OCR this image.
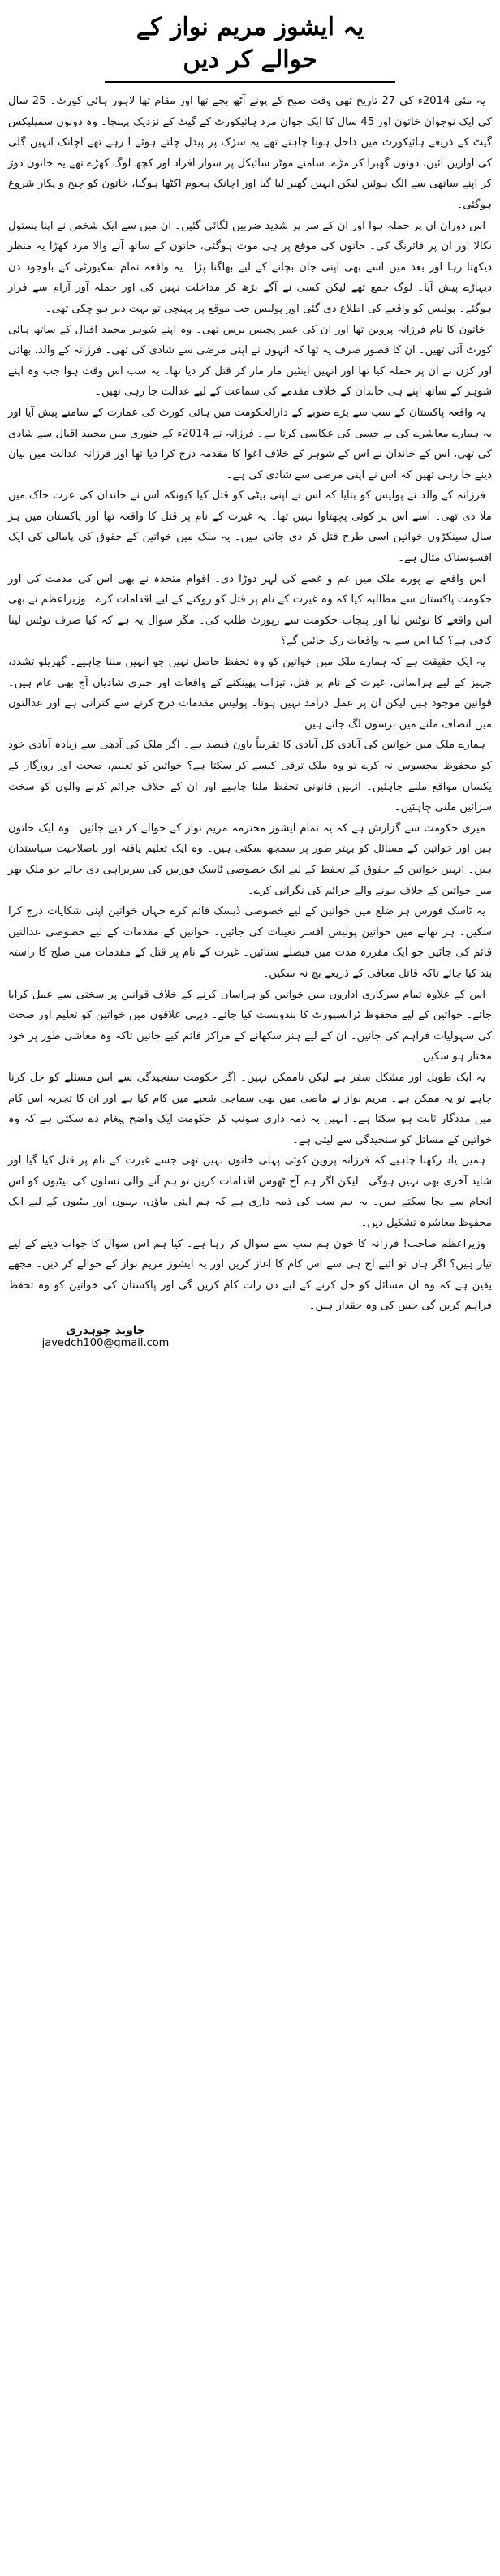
یہ ایشوز مریم نواز کے حوالے کر دیں

یہ مئی 2014ء کی 27 تاریخ تھی وقت صبح کے پونے آٹھ بجے تھا اور مقام تھا لاہور ہائی کورٹ۔ 25 سال کی ایک نوجوان خاتون اور 45 سال کا ایک جوان مرد ہائیکورٹ کے گیٹ کے نزدیک پہنچا۔ وہ دونوں سمپلیکس گیٹ کے ذریعے ہائیکورٹ میں داخل ہونا چاہتے تھے یہ سڑک پر پیدل چلتے ہوئے آ رہے تھے اچانک انہیں گلی کی آوازیں آئیں، دونوں گھبرا کر مڑے، سامنے موٹر سائیکل پر سوار افراد اور کچھ لوگ کھڑے تھے یہ خاتون دوڑ کر اپنے ساتھی سے الگ ہوئیں لیکن انہیں گھیر لیا گیا اور اچانک ہجوم اکٹھا ہوگیا، خاتون کو چیخ و پکار شروع ہوگئی۔

اس دوران ان پر حملہ ہوا اور ان کے سر پر شدید ضربیں لگائی گئیں۔ ان میں سے ایک شخص نے اپنا پستول نکالا اور ان پر فائرنگ کی۔ خاتون کی موقع پر ہی موت ہوگئی، خاتون کے ساتھ آنے والا مرد کھڑا یہ منظر دیکھتا رہا اور بعد میں اسے بھی اپنی جان بچانے کے لیے بھاگنا پڑا۔ یہ واقعہ تمام سکیورٹی کے باوجود دن دیہاڑے پیش آیا۔ لوگ جمع تھے لیکن کسی نے آگے بڑھ کر مداخلت نہیں کی اور حملہ آور آرام سے فرار ہوگئے۔ پولیس کو واقعے کی اطلاع دی گئی اور پولیس جب موقع پر پہنچی تو بہت دیر ہو چکی تھی۔

خاتون کا نام فرزانہ پروین تھا اور ان کی عمر پچیس برس تھی۔ وہ اپنے شوہر محمد اقبال کے ساتھ ہائی کورٹ آئی تھیں۔ ان کا قصور صرف یہ تھا کہ انہوں نے اپنی مرضی سے شادی کی تھی۔ فرزانہ کے والد، بھائی اور کزن نے ان پر حملہ کیا تھا اور انہیں اینٹیں مار مار کر قتل کر دیا تھا۔ یہ سب اس وقت ہوا جب وہ اپنے شوہر کے ساتھ اپنے ہی خاندان کے خلاف مقدمے کی سماعت کے لیے عدالت جا رہی تھیں۔

یہ واقعہ پاکستان کے سب سے بڑے صوبے کے دارالحکومت میں ہائی کورٹ کی عمارت کے سامنے پیش آیا اور یہ ہمارے معاشرے کی بے حسی کی عکاسی کرتا ہے۔ فرزانہ نے 2014ء کے جنوری میں محمد اقبال سے شادی کی تھی، اس کے خاندان نے اس کے شوہر کے خلاف اغوا کا مقدمہ درج کرا دیا تھا اور فرزانہ عدالت میں بیان دینے جا رہی تھیں کہ اس نے اپنی مرضی سے شادی کی ہے۔

فرزانہ کے والد نے پولیس کو بتایا کہ اس نے اپنی بیٹی کو قتل کیا کیونکہ اس نے خاندان کی عزت خاک میں ملا دی تھی۔ اسے اس پر کوئی پچھتاوا نہیں تھا۔ یہ غیرت کے نام پر قتل کا واقعہ تھا اور پاکستان میں ہر سال سینکڑوں خواتین اسی طرح قتل کر دی جاتی ہیں۔ یہ ملک میں خواتین کے حقوق کی پامالی کی ایک افسوسناک مثال ہے۔

اس واقعے نے پورے ملک میں غم و غصے کی لہر دوڑا دی۔ اقوام متحدہ نے بھی اس کی مذمت کی اور حکومت پاکستان سے مطالبہ کیا کہ وہ غیرت کے نام پر قتل کو روکنے کے لیے اقدامات کرے۔ وزیراعظم نے بھی اس واقعے کا نوٹس لیا اور پنجاب حکومت سے رپورٹ طلب کی۔ مگر سوال یہ ہے کہ کیا صرف نوٹس لینا کافی ہے؟ کیا اس سے یہ واقعات رک جائیں گے؟

یہ ایک حقیقت ہے کہ ہمارے ملک میں خواتین کو وہ تحفظ حاصل نہیں جو انہیں ملنا چاہیے۔ گھریلو تشدد، جہیز کے لیے ہراسانی، غیرت کے نام پر قتل، تیزاب پھینکنے کے واقعات اور جبری شادیاں آج بھی عام ہیں۔ قوانین موجود ہیں لیکن ان پر عمل درآمد نہیں ہوتا۔ پولیس مقدمات درج کرنے سے کتراتی ہے اور عدالتوں میں انصاف ملنے میں برسوں لگ جاتے ہیں۔

ہمارے ملک میں خواتین کی آبادی کل آبادی کا تقریباً باون فیصد ہے۔ اگر ملک کی آدھی سے زیادہ آبادی خود کو محفوظ محسوس نہ کرے تو وہ ملک ترقی کیسے کر سکتا ہے؟ خواتین کو تعلیم، صحت اور روزگار کے یکساں مواقع ملنے چاہئیں۔ انہیں قانونی تحفظ ملنا چاہیے اور ان کے خلاف جرائم کرنے والوں کو سخت سزائیں ملنی چاہئیں۔

میری حکومت سے گزارش ہے کہ یہ تمام ایشوز محترمہ مریم نواز کے حوالے کر دیے جائیں۔ وہ ایک خاتون ہیں اور خواتین کے مسائل کو بہتر طور پر سمجھ سکتی ہیں۔ وہ ایک تعلیم یافتہ اور باصلاحیت سیاستدان ہیں۔ انہیں خواتین کے حقوق کے تحفظ کے لیے ایک خصوصی ٹاسک فورس کی سربراہی دی جائے جو ملک بھر میں خواتین کے خلاف ہونے والے جرائم کی نگرانی کرے۔

یہ ٹاسک فورس ہر ضلع میں خواتین کے لیے خصوصی ڈیسک قائم کرے جہاں خواتین اپنی شکایات درج کرا سکیں۔ ہر تھانے میں خواتین پولیس افسر تعینات کی جائیں۔ خواتین کے مقدمات کے لیے خصوصی عدالتیں قائم کی جائیں جو ایک مقررہ مدت میں فیصلے سنائیں۔ غیرت کے نام پر قتل کے مقدمات میں صلح کا راستہ بند کیا جائے تاکہ قاتل معافی کے ذریعے بچ نہ سکیں۔

اس کے علاوہ تمام سرکاری اداروں میں خواتین کو ہراساں کرنے کے خلاف قوانین پر سختی سے عمل کرایا جائے۔ خواتین کے لیے محفوظ ٹرانسپورٹ کا بندوبست کیا جائے۔ دیہی علاقوں میں خواتین کو تعلیم اور صحت کی سہولیات فراہم کی جائیں۔ ان کے لیے ہنر سکھانے کے مراکز قائم کیے جائیں تاکہ وہ معاشی طور پر خود مختار ہو سکیں۔

یہ ایک طویل اور مشکل سفر ہے لیکن ناممکن نہیں۔ اگر حکومت سنجیدگی سے اس مسئلے کو حل کرنا چاہے تو یہ ممکن ہے۔ مریم نواز نے ماضی میں بھی سماجی شعبے میں کام کیا ہے اور ان کا تجربہ اس کام میں مددگار ثابت ہو سکتا ہے۔ انہیں یہ ذمہ داری سونپ کر حکومت ایک واضح پیغام دے سکتی ہے کہ وہ خواتین کے مسائل کو سنجیدگی سے لیتی ہے۔

ہمیں یاد رکھنا چاہیے کہ فرزانہ پروین کوئی پہلی خاتون نہیں تھی جسے غیرت کے نام پر قتل کیا گیا اور شاید آخری بھی نہیں ہوگی۔ لیکن اگر ہم آج ٹھوس اقدامات کریں تو ہم آنے والی نسلوں کی بیٹیوں کو اس انجام سے بچا سکتے ہیں۔ یہ ہم سب کی ذمہ داری ہے کہ ہم اپنی ماؤں، بہنوں اور بیٹیوں کے لیے ایک محفوظ معاشرہ تشکیل دیں۔

وزیراعظم صاحب! فرزانہ کا خون ہم سب سے سوال کر رہا ہے۔ کیا ہم اس سوال کا جواب دینے کے لیے تیار ہیں؟ اگر ہاں تو آئیے آج ہی سے اس کام کا آغاز کریں اور یہ ایشوز مریم نواز کے حوالے کر دیں۔ مجھے یقین ہے کہ وہ ان مسائل کو حل کرنے کے لیے دن رات کام کریں گی اور پاکستان کی خواتین کو وہ تحفظ فراہم کریں گی جس کی وہ حقدار ہیں۔

جاوید چوہدری
javedch100@gmail.com
